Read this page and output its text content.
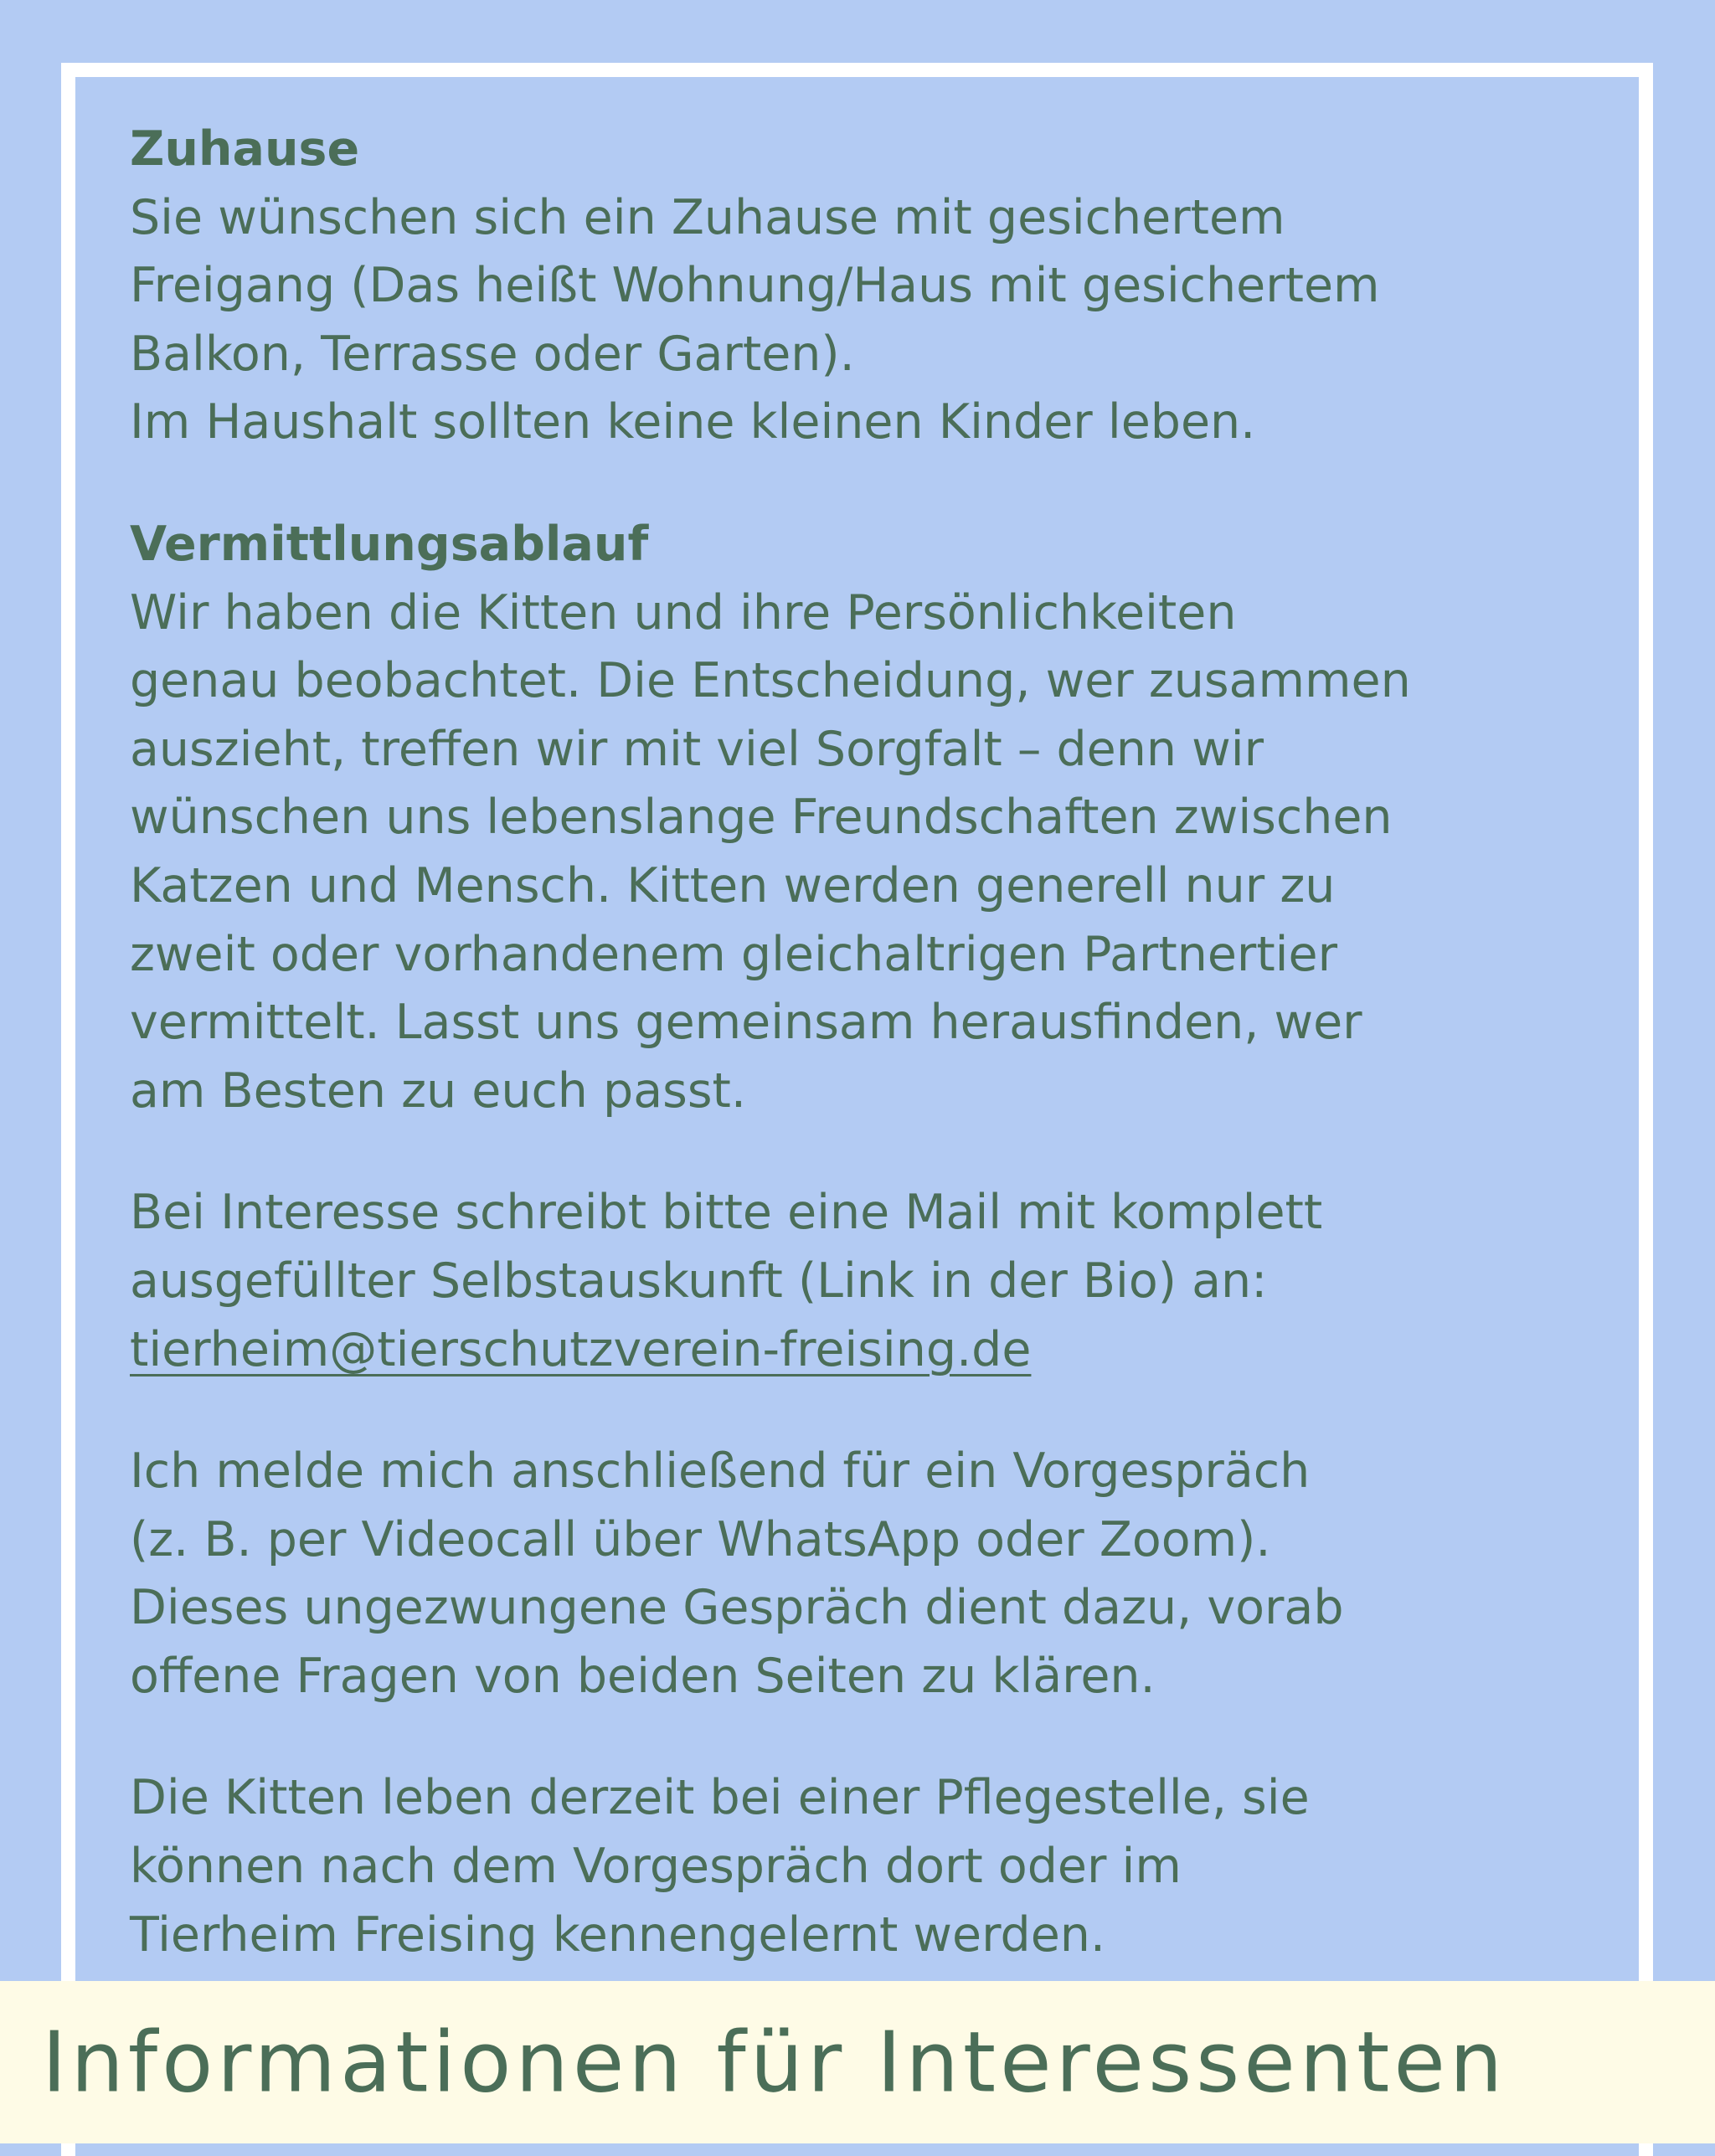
Zuhause
Sie wünschen sich ein Zuhause mit gesichertem
Freigang (Das heißt Wohnung/Haus mit gesichertem
Balkon, Terrasse oder Garten).
Im Haushalt sollten keine kleinen Kinder leben.

Vermittlungsablauf
Wir haben die Kitten und ihre Persönlichkeiten
genau beobachtet. Die Entscheidung, wer zusammen
auszieht, treffen wir mit viel Sorgfalt – denn wir
wünschen uns lebenslange Freundschaften zwischen
Katzen und Mensch. Kitten werden generell nur zu
zweit oder vorhandenem gleichaltrigen Partnertier
vermittelt. Lasst uns gemeinsam herausfinden, wer
am Besten zu euch passt.

Bei Interesse schreibt bitte eine Mail mit komplett
ausgefüllter Selbstauskunft (Link in der Bio) an:
tierheim@tierschutzverein-freising.de

Ich melde mich anschließend für ein Vorgespräch
(z. B. per Videocall über WhatsApp oder Zoom).
Dieses ungezwungene Gespräch dient dazu, vorab
offene Fragen von beiden Seiten zu klären.

Die Kitten leben derzeit bei einer Pflegestelle, sie
können nach dem Vorgespräch dort oder im
Tierheim Freising kennengelernt werden.

Informationen für Interessenten
